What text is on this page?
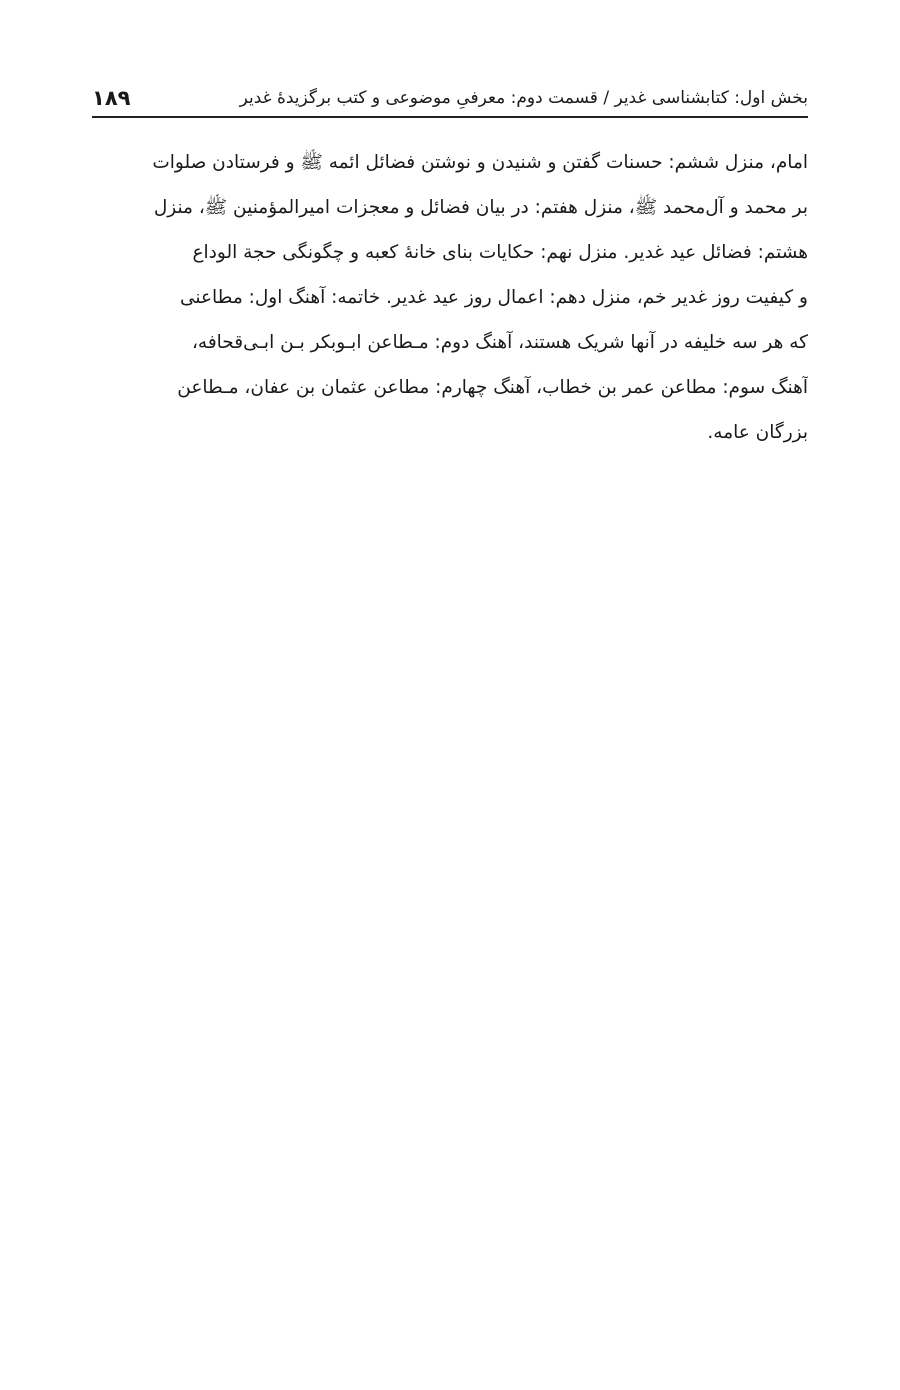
بخش اول: کتابشناسی غدیر / قسمت دوم: معرفیِ موضوعی و کتب برگزیدهٔ غدیر
۱۸۹
امام، منزل ششم: حسنات گفتن و شنیدن و نوشتن فضائل ائمه ﷺ و فرستادن صلوات
بر محمد و آل‌محمد ﷺ، منزل هفتم: در بیان فضائل و معجزات امیرالمؤمنین ﷺ، منزل
هشتم: فضائل عید غدیر. منزل نهم: حکایات بنای خانهٔ کعبه و چگونگی حجة الوداع
و کیفیت روز غدیر خم، منزل دهم: اعمال روز عید غدیر. خاتمه: آهنگ اول: مطاعنی
که هر سه خلیفه در آنها شریک هستند، آهنگ دوم: مـطاعن ابـوبکر بـن ابـی‌قحافه،
آهنگ سوم: مطاعن عمر بن خطاب، آهنگ چهارم: مطاعن عثمان بن عفان، مـطاعن
بزرگان عامه.
